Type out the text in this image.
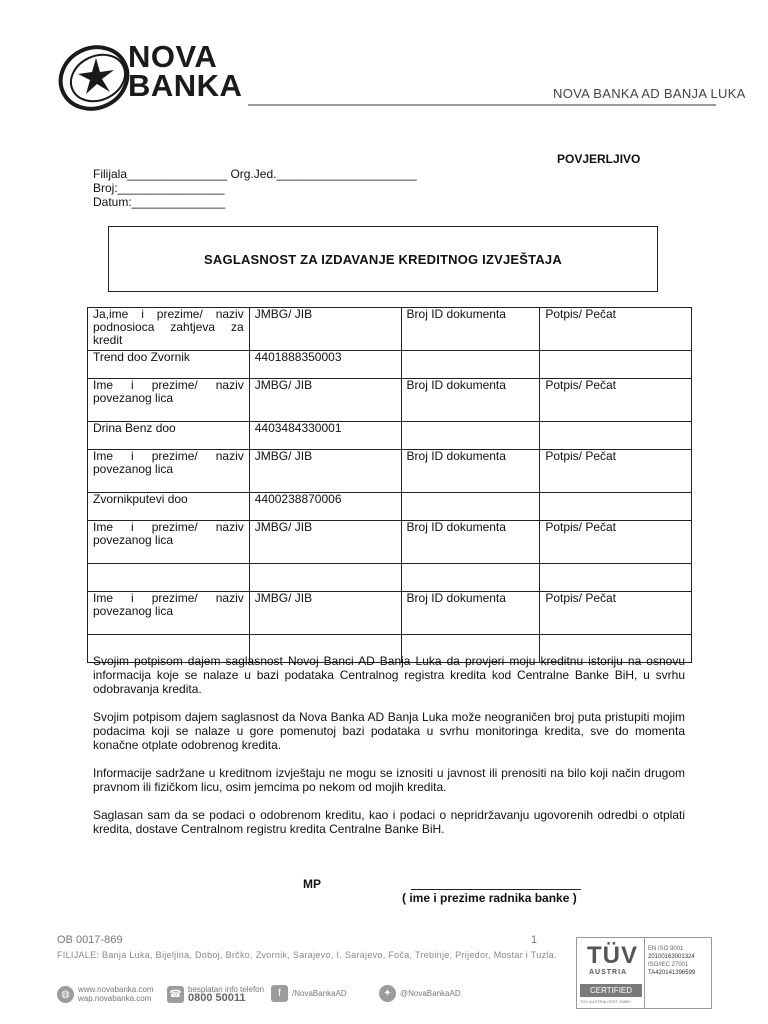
NOVA
BANKA	NOVA BANKA AD BANJA LUKA
POVJERLJIVO
Filijala_______________ Org.Jed._____________________
Broj:________________
Datum:______________
SAGLASNOST ZA IZDAVANJE KREDITNOG IZVJEŠTAJA
Ja,ime i prezime/ naziv podnosioca zahtjeva za kredit	JMBG/ JIB	Broj ID dokumenta	Potpis/ Pečat
Trend doo Zvornik	4401888350003		
Ime i prezime/ naziv povezanog lica	JMBG/ JIB	Broj ID dokumenta	Potpis/ Pečat
Drina Benz doo	4403484330001		
Ime i prezime/ naziv povezanog lica	JMBG/ JIB	Broj ID dokumenta	Potpis/ Pečat
Zvornikputevi doo	4400238870006		
Ime i prezime/ naziv povezanog lica	JMBG/ JIB	Broj ID dokumenta	Potpis/ Pečat

Ime i prezime/ naziv povezanog lica	JMBG/ JIB	Broj ID dokumenta	Potpis/ Pečat

Svojim potpisom dajem saglasnost Novoj Banci AD Banja Luka da provjeri moju kreditnu istoriju na osnovu informacija koje se nalaze u bazi podataka Centralnog registra kredita kod Centralne Banke BiH, u svrhu odobravanja kredita.

Svojim potpisom dajem saglasnost da Nova Banka AD Banja Luka može neograničen broj puta pristupiti mojim podacima koji se nalaze u gore pomenutoj bazi podataka u svrhu monitoringa kredita, sve do momenta konačne otplate odobrenog kredita.

Informacije sadržane u kreditnom izvještaju ne mogu se iznositi u javnost ili prenositi na bilo koji način drugom pravnom ili fizičkom licu, osim jemcima po nekom od mojih kredita.

Saglasan sam da se podaci o odobrenom kreditu, kao i podaci o nepridržavanju ugovorenih odredbi o otplati kredita, dostave Centralnom registru kredita Centralne Banke BiH.

MP
( ime i prezime radnika banke )
OB 0017-869	1
FILIJALE: Banja Luka, Bijeljina, Doboj, Brčko, Zvornik, Sarajevo, I. Sarajevo, Foča, Trebinje, Prijedor, Mostar i Tuzla.
◍	www.novabanka.com
wap.novabanka.com ☎ besplatan info telefon
0800 50011	f	/NovaBankaAD	✦	@NovaBankaAD
TÜV
AUSTRIA
CERTIFIED
TÜV AUSTRIA CERT GMBH
EN ISO 9001
20100163001324
ISO/IEC 27001
TA420141396599
